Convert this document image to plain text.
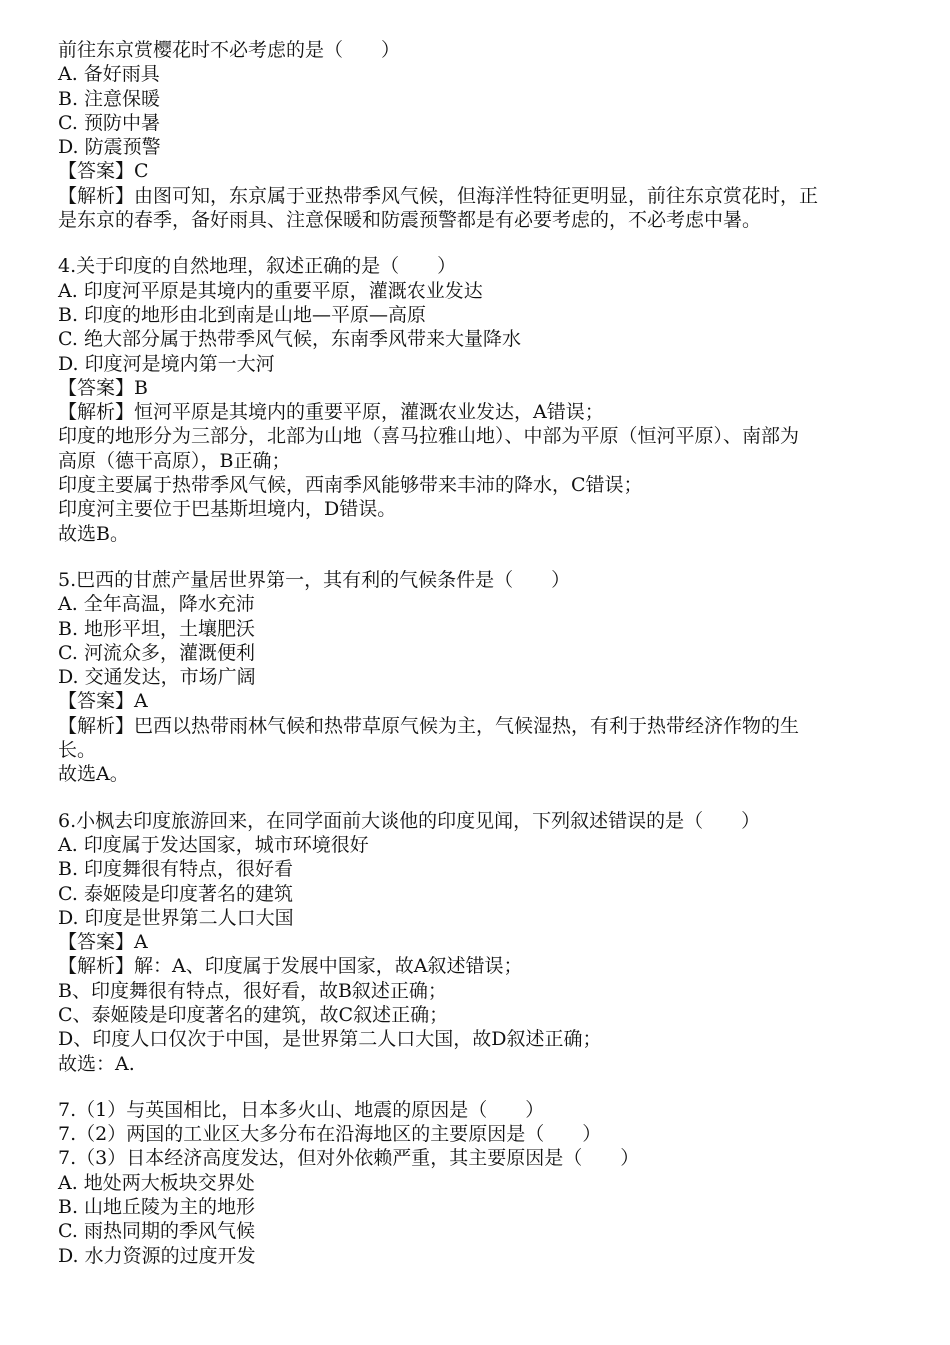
前往东京赏樱花时不必考虑的是（　　）
A. 备好雨具
B. 注意保暖
C. 预防中暑
D. 防震预警
【答案】C
【解析】由图可知，东京属于亚热带季风气候，但海洋性特征更明显，前往东京赏花时，正
是东京的春季，备好雨具、注意保暖和防震预警都是有必要考虑的，不必考虑中暑。
4.关于印度的自然地理，叙述正确的是（　　）
A. 印度河平原是其境内的重要平原，灌溉农业发达
B. 印度的地形由北到南是山地—平原—高原
C. 绝大部分属于热带季风气候，东南季风带来大量降水
D. 印度河是境内第一大河
【答案】B
【解析】恒河平原是其境内的重要平原，灌溉农业发达，A错误；
印度的地形分为三部分，北部为山地（喜马拉雅山地）、中部为平原（恒河平原）、南部为
高原（德干高原），B正确；
印度主要属于热带季风气候，西南季风能够带来丰沛的降水，C错误；
印度河主要位于巴基斯坦境内，D错误。
故选B。
5.巴西的甘蔗产量居世界第一，其有利的气候条件是（　　）
A. 全年高温，降水充沛
B. 地形平坦，土壤肥沃
C. 河流众多，灌溉便利
D. 交通发达，市场广阔
【答案】A
【解析】巴西以热带雨林气候和热带草原气候为主，气候湿热，有利于热带经济作物的生
长。
故选A。
6.小枫去印度旅游回来，在同学面前大谈他的印度见闻，下列叙述错误的是（　　）
A. 印度属于发达国家，城市环境很好
B. 印度舞很有特点，很好看
C. 泰姬陵是印度著名的建筑
D. 印度是世界第二人口大国
【答案】A
【解析】解：A、印度属于发展中国家，故A叙述错误；
B、印度舞很有特点，很好看，故B叙述正确；
C、泰姬陵是印度著名的建筑，故C叙述正确；
D、印度人口仅次于中国，是世界第二人口大国，故D叙述正确；
故选：A.
7.（1）与英国相比，日本多火山、地震的原因是（　　）
7.（2）两国的工业区大多分布在沿海地区的主要原因是（　　）
7.（3）日本经济高度发达，但对外依赖严重，其主要原因是（　　）
A. 地处两大板块交界处
B. 山地丘陵为主的地形
C. 雨热同期的季风气候
D. 水力资源的过度开发
